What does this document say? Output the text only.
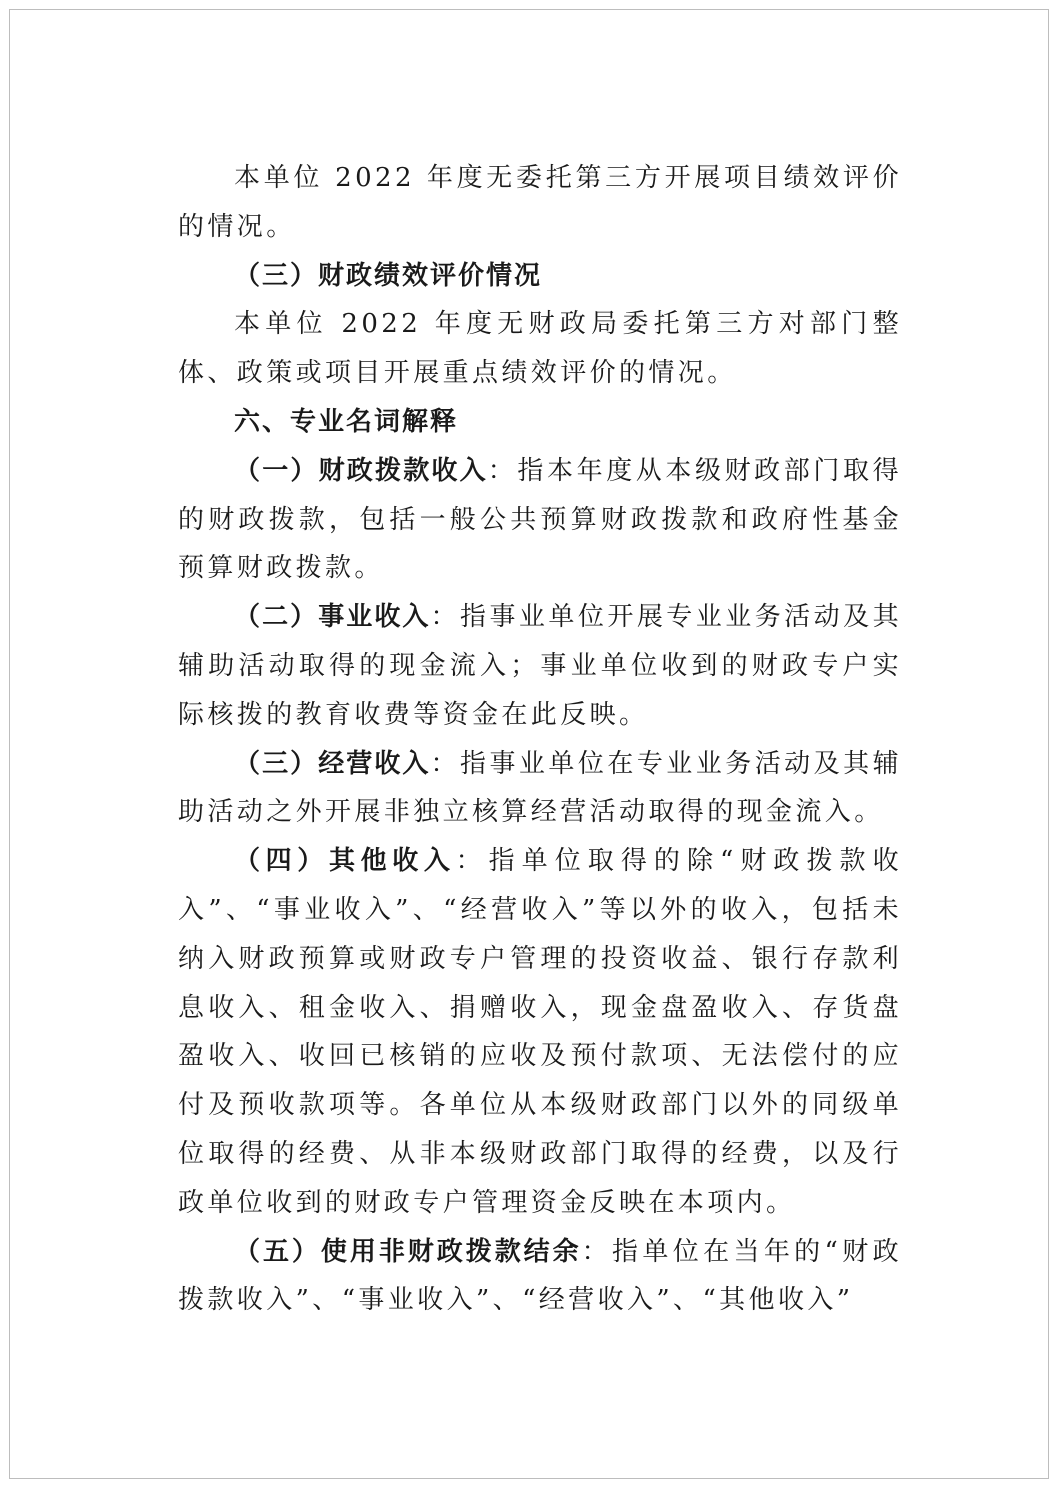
本单位 2022 年度无委托第三方开展项目绩效评价的情况。

（三）财政绩效评价情况

本单位 2022 年度无财政局委托第三方对部门整体、政策或项目开展重点绩效评价的情况。

六、专业名词解释

（一）财政拨款收入：指本年度从本级财政部门取得的财政拨款，包括一般公共预算财政拨款和政府性基金预算财政拨款。

（二）事业收入：指事业单位开展专业业务活动及其辅助活动取得的现金流入；事业单位收到的财政专户实际核拨的教育收费等资金在此反映。

（三）经营收入：指事业单位在专业业务活动及其辅助活动之外开展非独立核算经营活动取得的现金流入。

（四）其他收入：指单位取得的除“财政拨款收入”、“事业收入”、“经营收入”等以外的收入，包括未纳入财政预算或财政专户管理的投资收益、银行存款利息收入、租金收入、捐赠收入，现金盘盈收入、存货盘盈收入、收回已核销的应收及预付款项、无法偿付的应付及预收款项等。各单位从本级财政部门以外的同级单位取得的经费、从非本级财政部门取得的经费，以及行政单位收到的财政专户管理资金反映在本项内。

（五）使用非财政拨款结余：指单位在当年的“财政拨款收入”、“事业收入”、“经营收入”、“其他收入”
